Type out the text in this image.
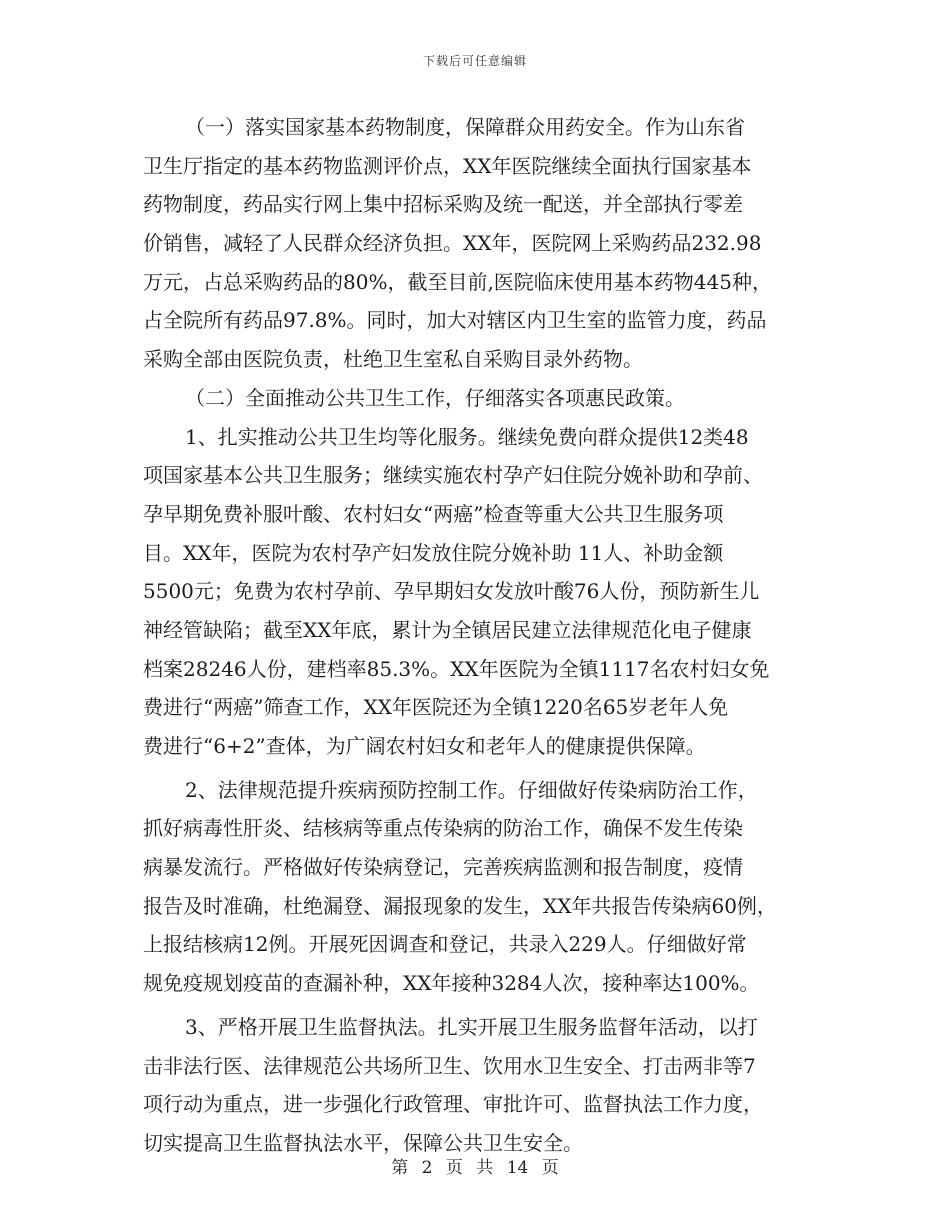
下载后可任意编辑
（一）落实国家基本药物制度，保障群众用药安全。作为山东省
卫生厅指定的基本药物监测评价点，XX年医院继续全面执行国家基本
药物制度，药品实行网上集中招标采购及统一配送，并全部执行零差
价销售，减轻了人民群众经济负担。XX年，医院网上采购药品232.98
万元，占总采购药品的80%，截至目前,医院临床使用基本药物445种，
占全院所有药品97.8%。同时，加大对辖区内卫生室的监管力度，药品
采购全部由医院负责，杜绝卫生室私自采购目录外药物。
（二）全面推动公共卫生工作，仔细落实各项惠民政策。
1、扎实推动公共卫生均等化服务。继续免费向群众提供12类48
项国家基本公共卫生服务；继续实施农村孕产妇住院分娩补助和孕前、
孕早期免费补服叶酸、农村妇女“两癌”检查等重大公共卫生服务项
目。XX年，医院为农村孕产妇发放住院分娩补助 11人、补助金额
5500元；免费为农村孕前、孕早期妇女发放叶酸76人份，预防新生儿
神经管缺陷；截至XX年底，累计为全镇居民建立法律规范化电子健康
档案28246人份，建档率85.3%。XX年医院为全镇1117名农村妇女免
费进行“两癌”筛查工作，XX年医院还为全镇1220名65岁老年人免
费进行“6+2”查体，为广阔农村妇女和老年人的健康提供保障。
2、法律规范提升疾病预防控制工作。仔细做好传染病防治工作，
抓好病毒性肝炎、结核病等重点传染病的防治工作，确保不发生传染
病暴发流行。严格做好传染病登记，完善疾病监测和报告制度，疫情
报告及时准确，杜绝漏登、漏报现象的发生，XX年共报告传染病60例，
上报结核病12例。开展死因调查和登记，共录入229人。仔细做好常
规免疫规划疫苗的查漏补种，XX年接种3284人次，接种率达100%。
3、严格开展卫生监督执法。扎实开展卫生服务监督年活动，以打
击非法行医、法律规范公共场所卫生、饮用水卫生安全、打击两非等7
项行动为重点，进一步强化行政管理、审批许可、监督执法工作力度，
切实提高卫生监督执法水平，保障公共卫生安全。
第 2 页 共 14 页
